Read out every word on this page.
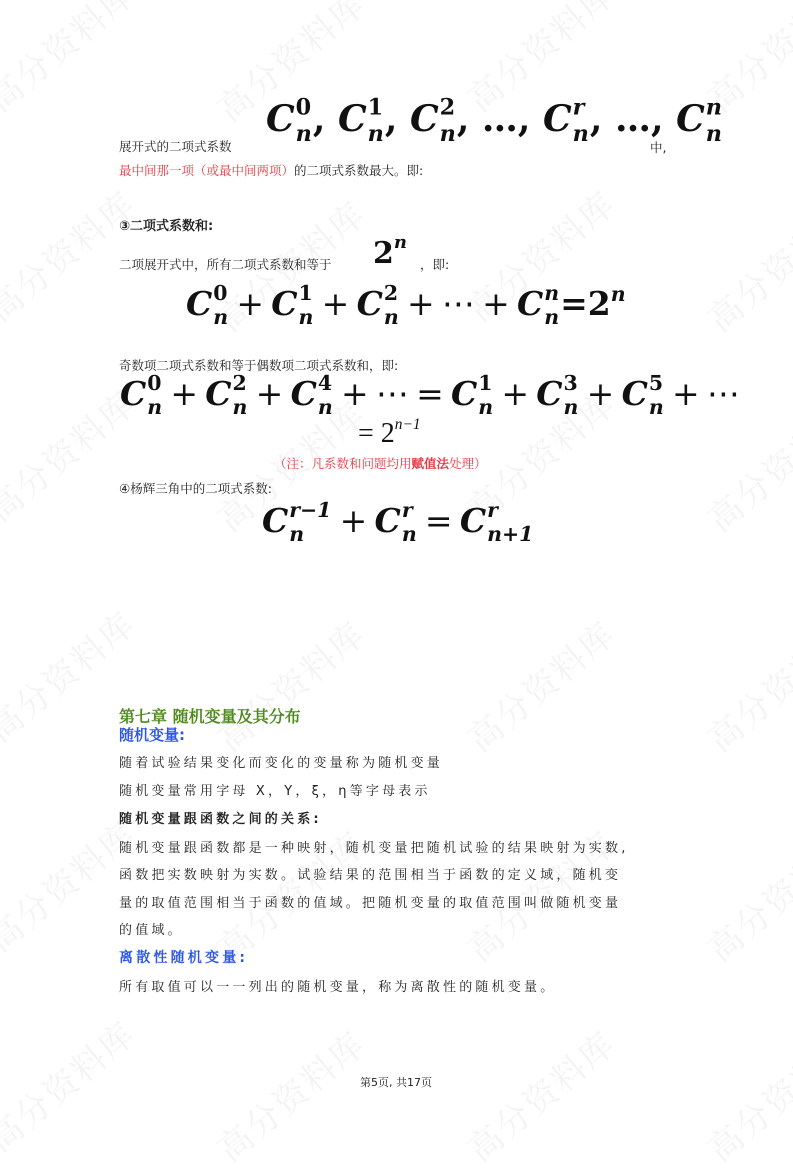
展开式的二项式系数
C 0
n , C 1
n , C 2
n , …, C r
n , …, C n
n
中,
最中间那一项（或最中间两项）的二项式系数最大。即:
③二项式系数和:
二项展开式中，所有二项式系数和等于 2$^n$
，即:
C 0
n + C 1
n + C 2
n + ⋯ + C n
$n =2^n$
奇数项二项式系数和等于偶数项二项式系数和，即:
C 0
n + C 2
n + C 4
n + ⋯ = C 1
n + C 3
n + C 5
n + ⋯
= $2^{n-1}$
（注：凡系数和问题均用赋值法处理）
④杨辉三角中的二项式系数:
C r−1
n	+ C r
n = C r
n+1
第七章 随机变量及其分布
随机变量:
随着试验结果变化而变化的变量称为随机变量
随机变量常用字母 X，Y，ξ，η等字母表示
随机变量跟函数之间的关系:
随机变量跟函数都是一种映射，随机变量把随机试验的结果映射为实数,
函数把实数映射为实数。试验结果的范围相当于函数的定义域，随机变
量的取值范围相当于函数的值域。把随机变量的取值范围叫做随机变量
的值域。
离散性随机变量:
所有取值可以一一列出的随机变量，称为离散性的随机变量。
第5页, 共17页
